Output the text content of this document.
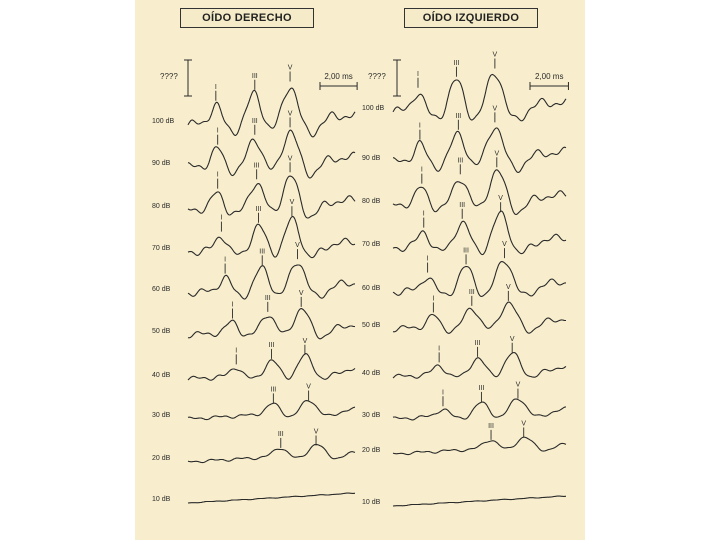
OÍDO DERECHO	OÍDO IZQUIERDO
????	2,00 ms
100 dB
I
III
V
90 dB
I
III
V
80 dB
I
III
V
70 dB
I
III
V
60 dB
I
III
V
50 dB
I
III
V
40 dB
I
III
V
30 dB
III	V
20 dB
III	V
10 dB
????	2,00 ms
100 dB
I
III
V
90 dB
I
III
V
80 dB
I
III
V
70 dB
I
III
V
60 dB
I
III
V
50 dB
I
III
V
40 dB
I
III
V
30 dB
I
III	V
20 dB
III	V
10 dB
